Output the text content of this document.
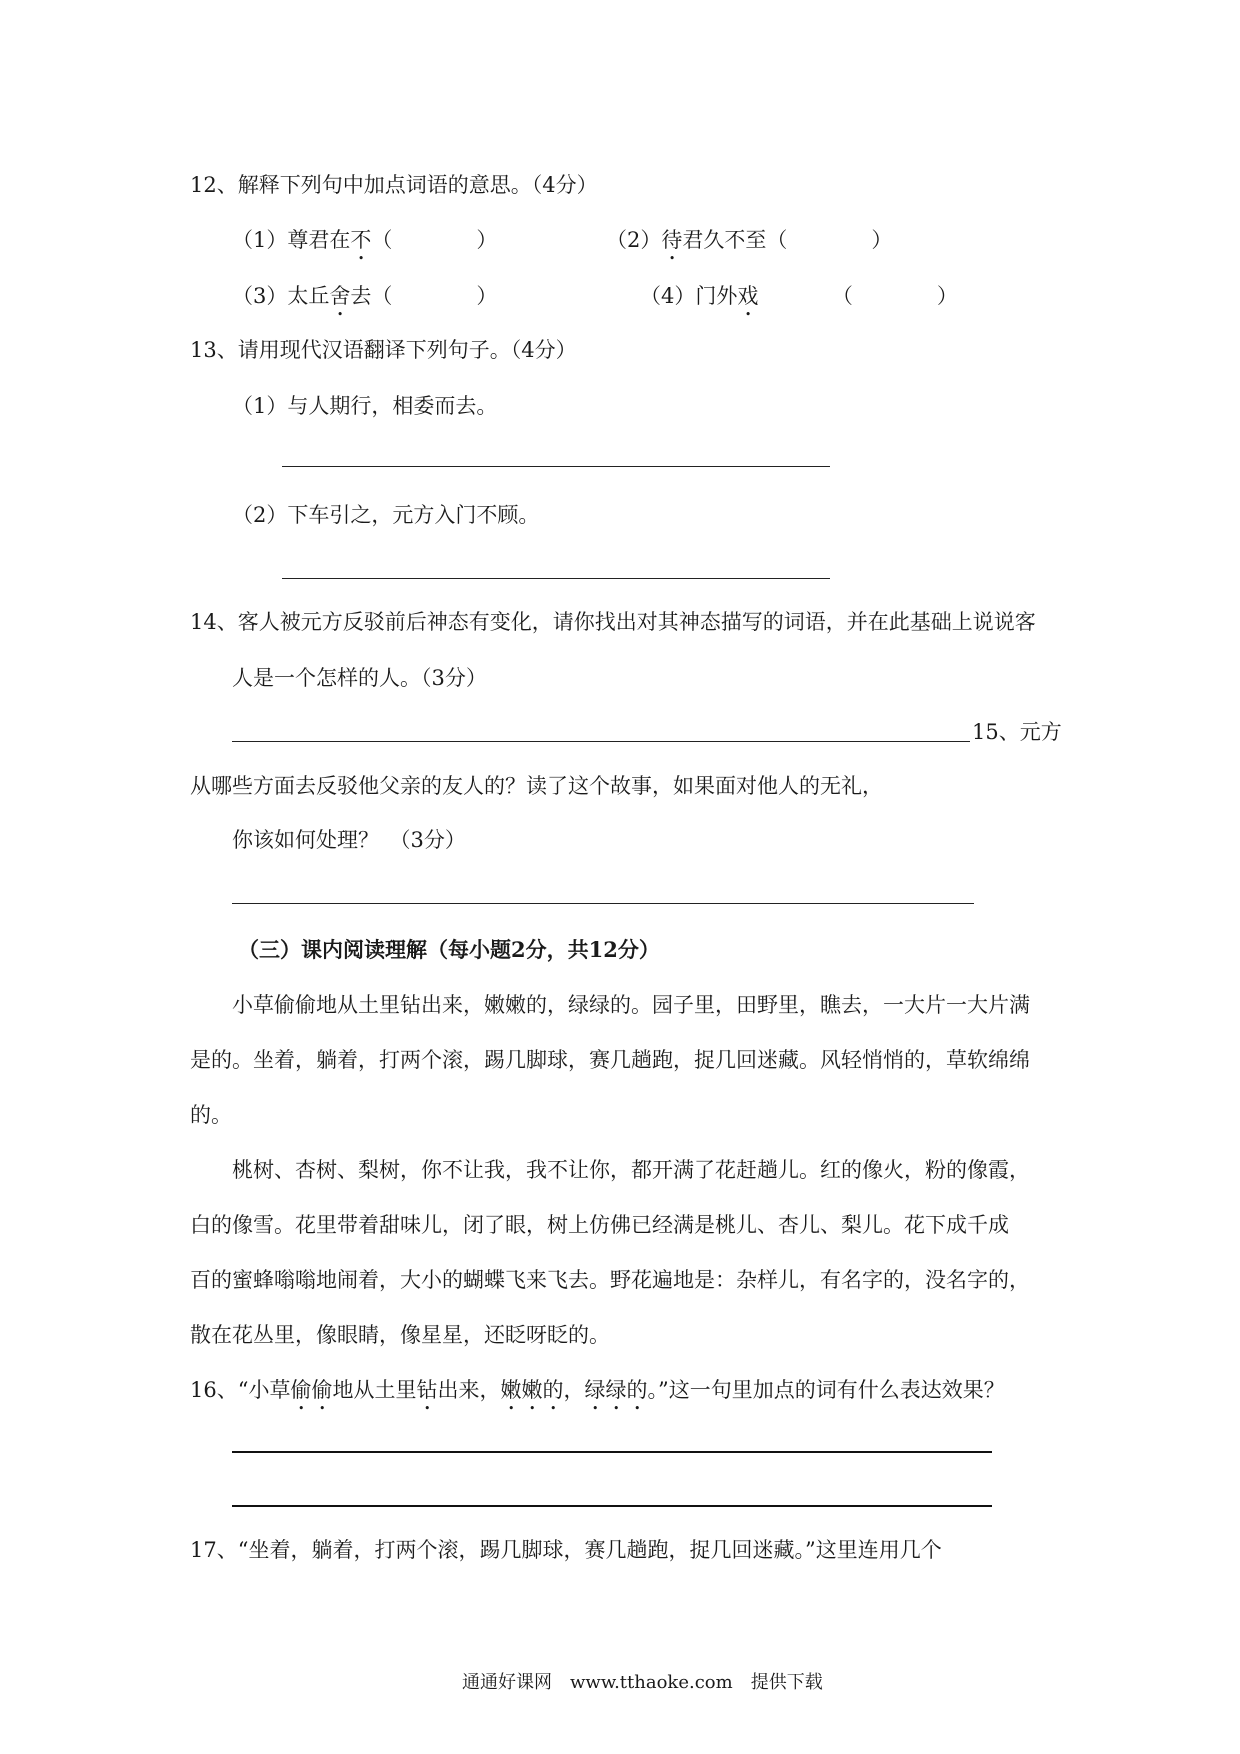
12、解释下列句中加点词语的意思。（4分）
（1）尊君在不（　　　　）	（2）待君久不至（　　　　）
（3）太丘舍去（　　　　）	（4）门外戏　　　　（　　　　）
13、请用现代汉语翻译下列句子。（4分）
（1）与人期行，相委而去。
（2）下车引之，元方入门不顾。
14、客人被元方反驳前后神态有变化，请你找出对其神态描写的词语，并在此基础上说说客
人是一个怎样的人。（3分）
15、元方
从哪些方面去反驳他父亲的友人的？读了这个故事，如果面对他人的无礼，
你该如何处理？　（3分）
（三）课内阅读理解（每小题2分，共12分）
小草偷偷地从土里钻出来，嫩嫩的，绿绿的。园子里，田野里，瞧去，一大片一大片满
是的。坐着，躺着，打两个滚，踢几脚球，赛几趟跑，捉几回迷藏。风轻悄悄的，草软绵绵
的。
桃树、杏树、梨树，你不让我，我不让你，都开满了花赶趟儿。红的像火，粉的像霞，
白的像雪。花里带着甜味儿，闭了眼，树上仿佛已经满是桃儿、杏儿、梨儿。花下成千成
百的蜜蜂嗡嗡地闹着，大小的蝴蝶飞来飞去。野花遍地是：杂样儿，有名字的，没名字的，
散在花丛里，像眼睛，像星星，还眨呀眨的。
16、“小草偷偷地从土里钻出来，嫩嫩的，绿绿的。”这一句里加点的词有什么表达效果？
17、“坐着，躺着，打两个滚，踢几脚球，赛几趟跑，捉几回迷藏。”这里连用几个
通通好课网　www.tthaoke.com　提供下载
